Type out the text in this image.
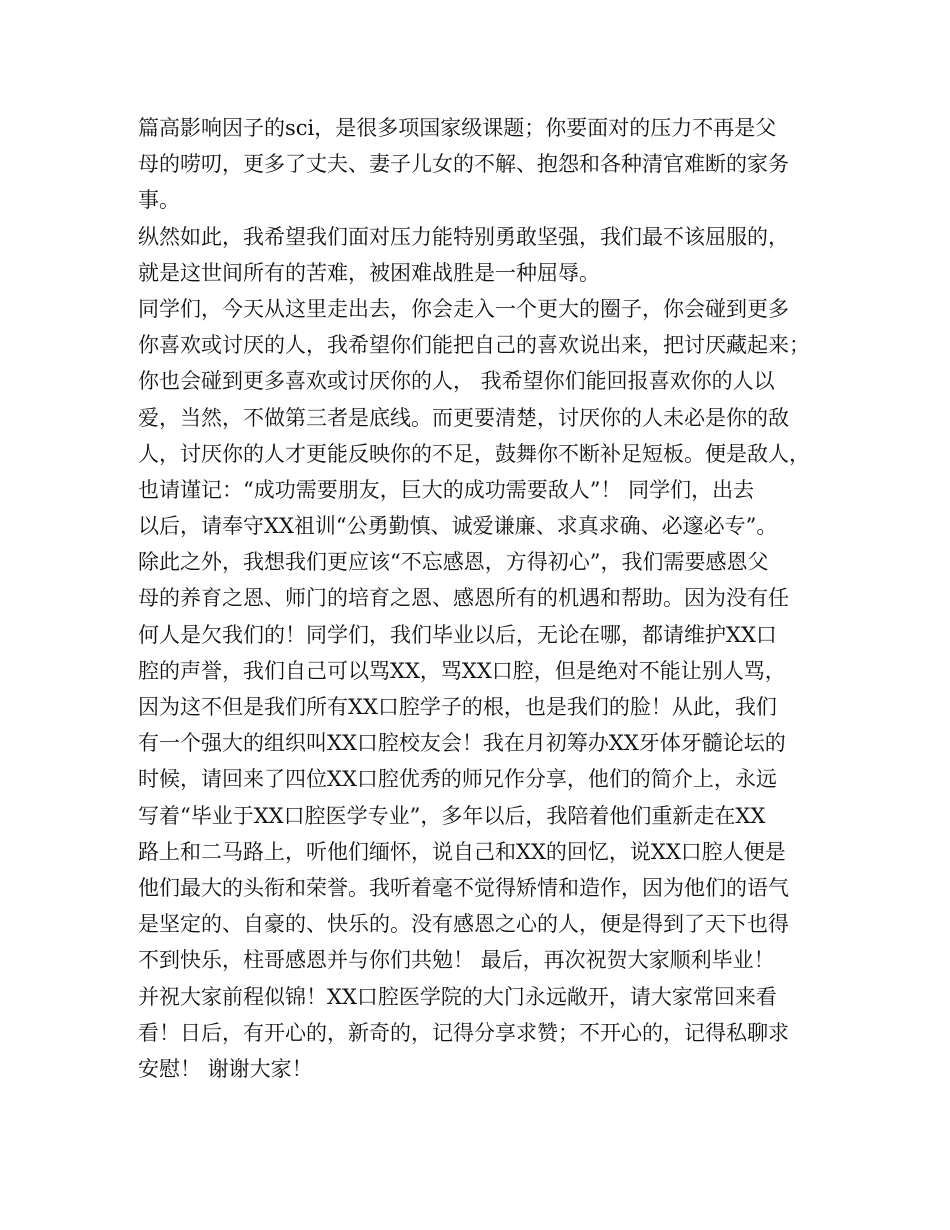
篇高影响因子的sci，是很多项国家级课题；你要面对的压力不再是父
母的唠叨，更多了丈夫、妻子儿女的不解、抱怨和各种清官难断的家务
事。
纵然如此，我希望我们面对压力能特别勇敢坚强，我们最不该屈服的，
就是这世间所有的苦难，被困难战胜是一种屈辱。
同学们，今天从这里走出去，你会走入一个更大的圈子，你会碰到更多
你喜欢或讨厌的人，我希望你们能把自己的喜欢说出来，把讨厌藏起来；
你也会碰到更多喜欢或讨厌你的人， 我希望你们能回报喜欢你的人以
爱，当然，不做第三者是底线。而更要清楚，讨厌你的人未必是你的敌
人，讨厌你的人才更能反映你的不足，鼓舞你不断补足短板。便是敌人，
也请谨记：“成功需要朋友，巨大的成功需要敌人”！ 同学们，出去
以后，请奉守XX祖训“公勇勤慎、诚爱谦廉、求真求确、必邃必专”。
除此之外，我想我们更应该“不忘感恩，方得初心”，我们需要感恩父
母的养育之恩、师门的培育之恩、感恩所有的机遇和帮助。因为没有任
何人是欠我们的！同学们，我们毕业以后，无论在哪，都请维护XX口
腔的声誉，我们自己可以骂XX，骂XX口腔，但是绝对不能让别人骂，
因为这不但是我们所有XX口腔学子的根，也是我们的脸！从此，我们
有一个强大的组织叫XX口腔校友会！我在月初筹办XX牙体牙髓论坛的
时候，请回来了四位XX口腔优秀的师兄作分享，他们的简介上，永远
写着“毕业于XX口腔医学专业”，多年以后，我陪着他们重新走在XX
路上和二马路上，听他们缅怀，说自己和XX的回忆，说XX口腔人便是
他们最大的头衔和荣誉。我听着毫不觉得矫情和造作，因为他们的语气
是坚定的、自豪的、快乐的。没有感恩之心的人，便是得到了天下也得
不到快乐，柱哥感恩并与你们共勉！ 最后，再次祝贺大家顺利毕业！
并祝大家前程似锦！XX口腔医学院的大门永远敞开，请大家常回来看
看！日后，有开心的，新奇的，记得分享求赞；不开心的，记得私聊求
安慰！ 谢谢大家！
